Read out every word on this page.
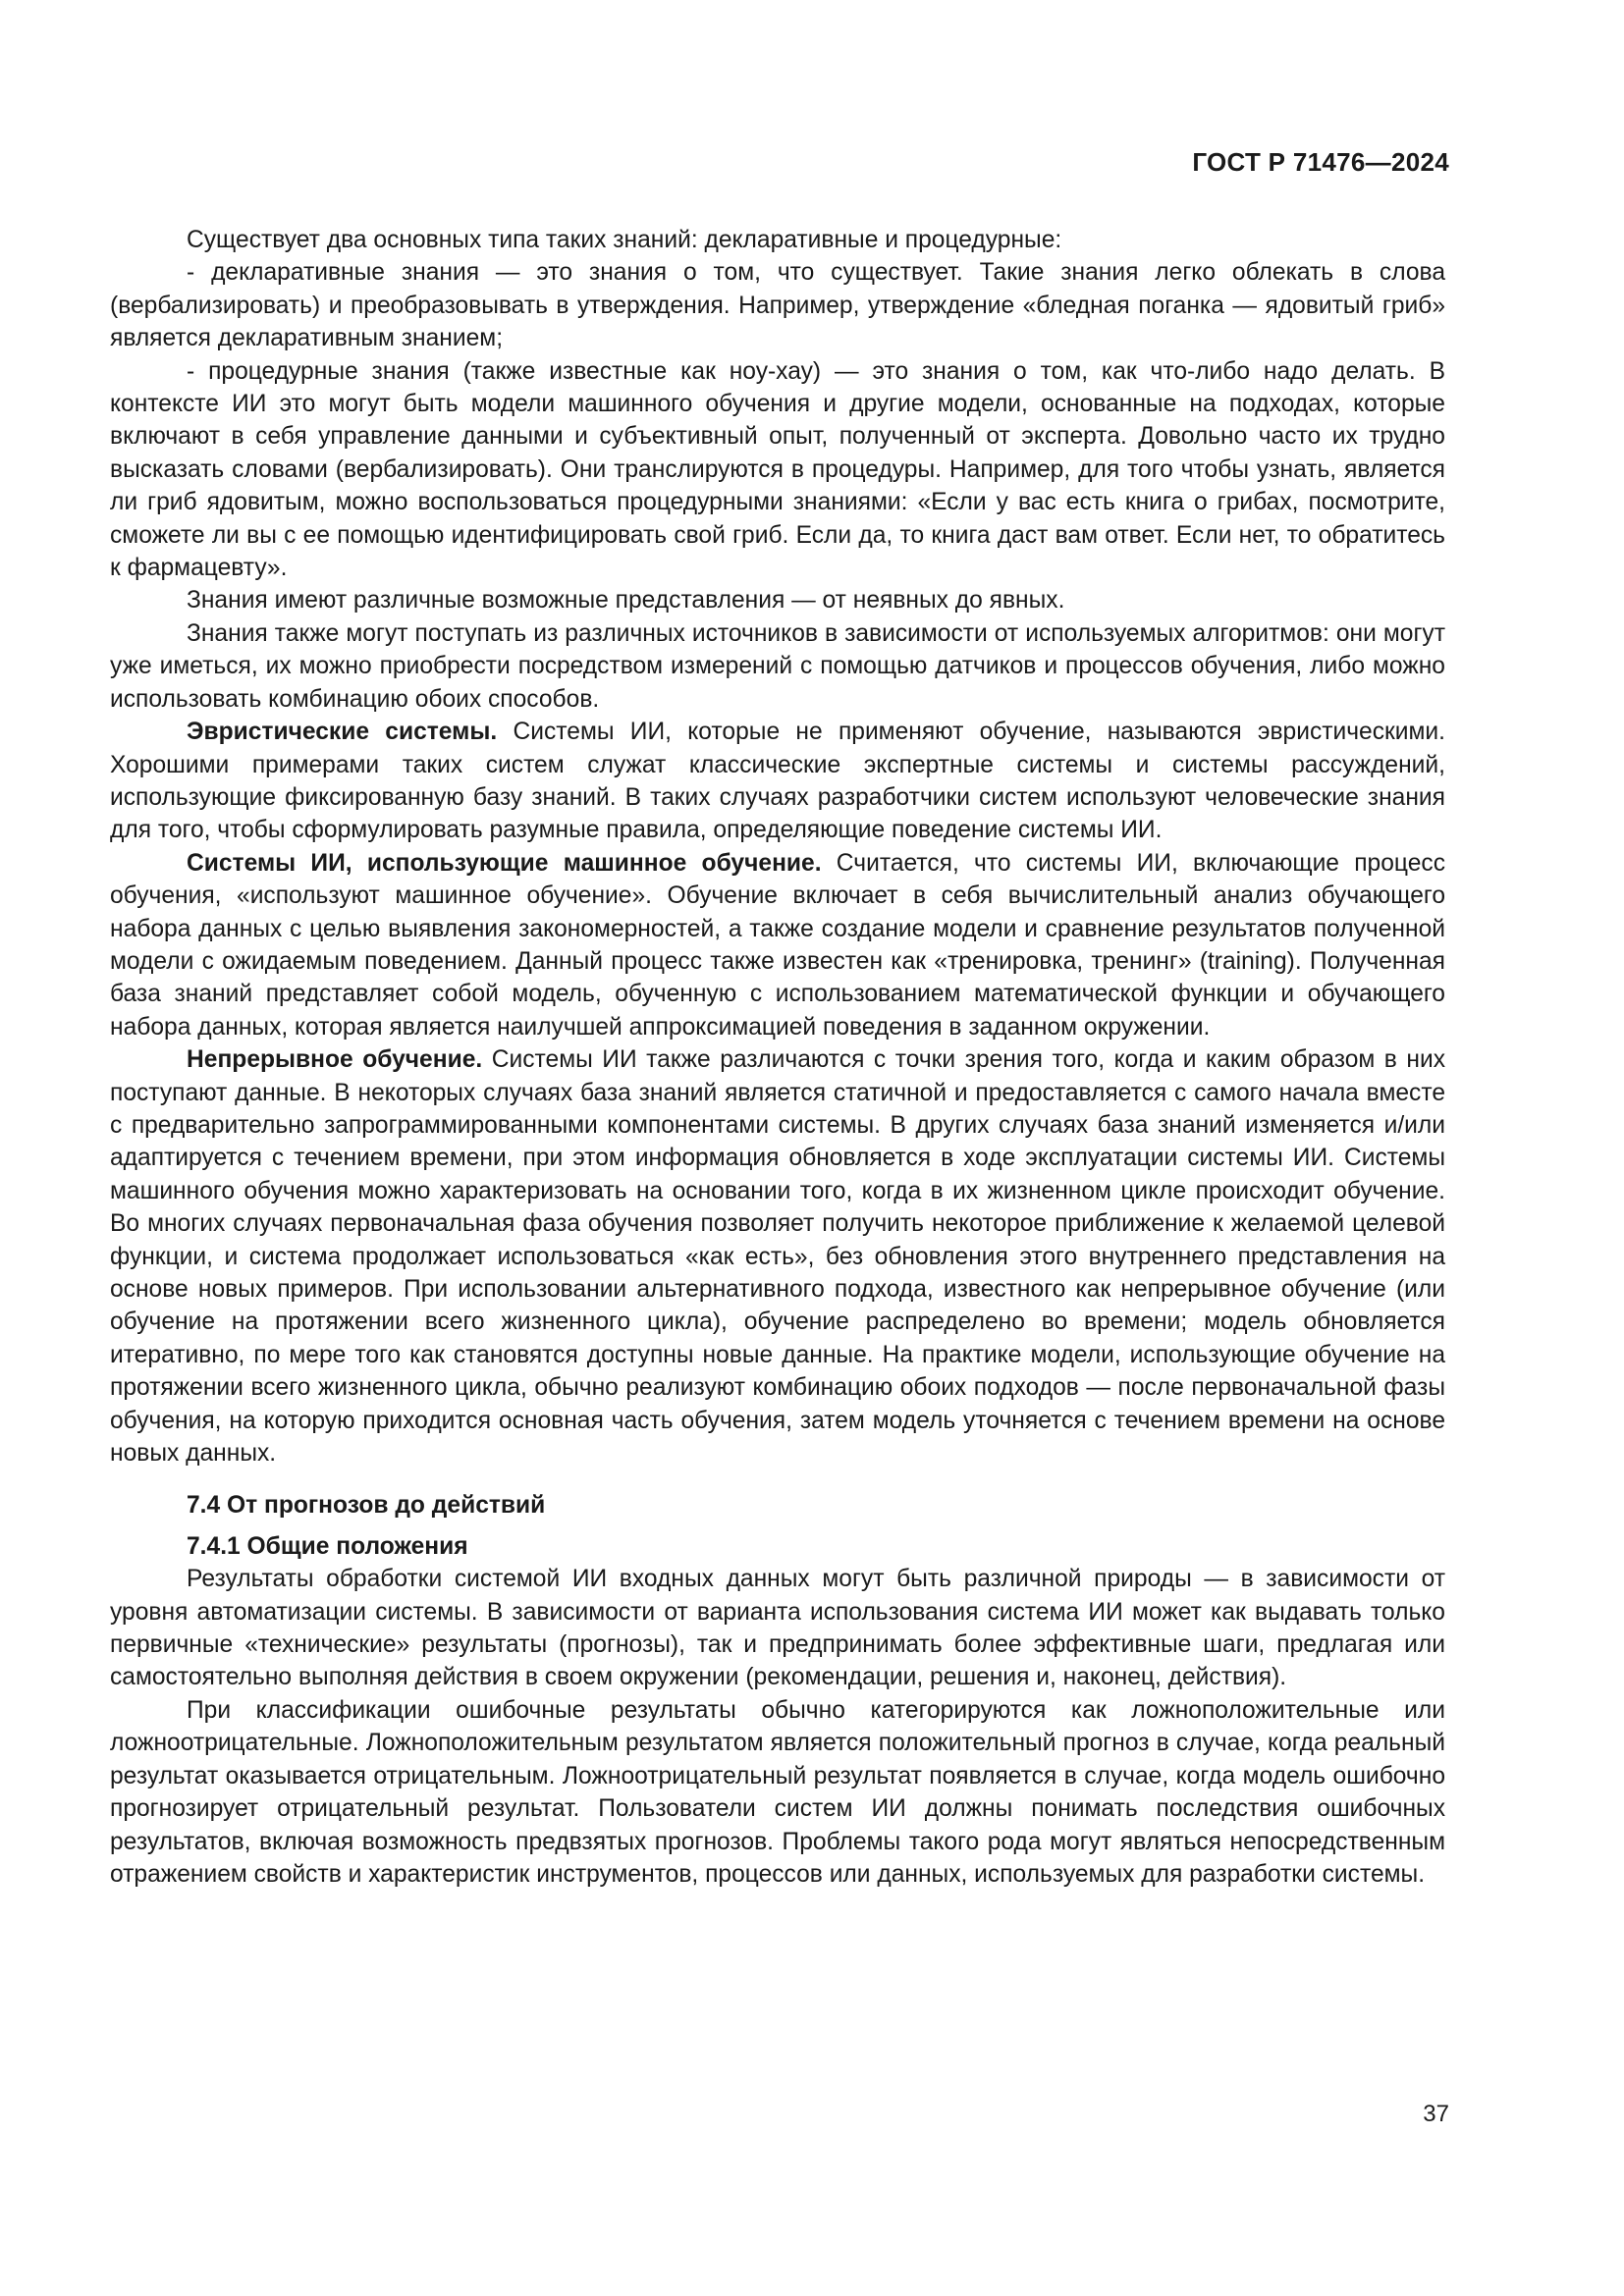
ГОСТ Р 71476—2024

Существует два основных типа таких знаний: декларативные и процедурные:

- декларативные знания — это знания о том, что существует. Такие знания легко облекать в слова (вербализировать) и преобразовывать в утверждения. Например, утверждение «бледная поганка — ядовитый гриб» является декларативным знанием;

- процедурные знания (также известные как ноу-хау) — это знания о том, как что-либо надо делать. В контексте ИИ это могут быть модели машинного обучения и другие модели, основанные на подходах, которые включают в себя управление данными и субъективный опыт, полученный от эксперта. Довольно часто их трудно высказать словами (вербализировать). Они транслируются в процедуры. Например, для того чтобы узнать, является ли гриб ядовитым, можно воспользоваться процедурными знаниями: «Если у вас есть книга о грибах, посмотрите, сможете ли вы с ее помощью идентифицировать свой гриб. Если да, то книга даст вам ответ. Если нет, то обратитесь к фармацевту».

Знания имеют различные возможные представления — от неявных до явных.

Знания также могут поступать из различных источников в зависимости от используемых алгоритмов: они могут уже иметься, их можно приобрести посредством измерений с помощью датчиков и процессов обучения, либо можно использовать комбинацию обоих способов.

Эвристические системы. Системы ИИ, которые не применяют обучение, называются эвристическими. Хорошими примерами таких систем служат классические экспертные системы и системы рассуждений, использующие фиксированную базу знаний. В таких случаях разработчики систем используют человеческие знания для того, чтобы сформулировать разумные правила, определяющие поведение системы ИИ.

Системы ИИ, использующие машинное обучение. Считается, что системы ИИ, включающие процесс обучения, «используют машинное обучение». Обучение включает в себя вычислительный анализ обучающего набора данных с целью выявления закономерностей, а также создание модели и сравнение результатов полученной модели с ожидаемым поведением. Данный процесс также известен как «тренировка, тренинг» (training). Полученная база знаний представляет собой модель, обученную с использованием математической функции и обучающего набора данных, которая является наилучшей аппроксимацией поведения в заданном окружении.

Непрерывное обучение. Системы ИИ также различаются с точки зрения того, когда и каким образом в них поступают данные. В некоторых случаях база знаний является статичной и предоставляется с самого начала вместе с предварительно запрограммированными компонентами системы. В других случаях база знаний изменяется и/или адаптируется с течением времени, при этом информация обновляется в ходе эксплуатации системы ИИ. Системы машинного обучения можно характеризовать на основании того, когда в их жизненном цикле происходит обучение. Во многих случаях первоначальная фаза обучения позволяет получить некоторое приближение к желаемой целевой функции, и система продолжает использоваться «как есть», без обновления этого внутреннего представления на основе новых примеров. При использовании альтернативного подхода, известного как непрерывное обучение (или обучение на протяжении всего жизненного цикла), обучение распределено во времени; модель обновляется итеративно, по мере того как становятся доступны новые данные. На практике модели, использующие обучение на протяжении всего жизненного цикла, обычно реализуют комбинацию обоих подходов — после первоначальной фазы обучения, на которую приходится основная часть обучения, затем модель уточняется с течением времени на основе новых данных.

7.4 От прогнозов до действий

7.4.1 Общие положения

Результаты обработки системой ИИ входных данных могут быть различной природы — в зависимости от уровня автоматизации системы. В зависимости от варианта использования система ИИ может как выдавать только первичные «технические» результаты (прогнозы), так и предпринимать более эффективные шаги, предлагая или самостоятельно выполняя действия в своем окружении (рекомендации, решения и, наконец, действия).

При классификации ошибочные результаты обычно категорируются как ложноположительные или ложноотрицательные. Ложноположительным результатом является положительный прогноз в случае, когда реальный результат оказывается отрицательным. Ложноотрицательный результат появляется в случае, когда модель ошибочно прогнозирует отрицательный результат. Пользователи систем ИИ должны понимать последствия ошибочных результатов, включая возможность предвзятых прогнозов. Проблемы такого рода могут являться непосредственным отражением свойств и характеристик инструментов, процессов или данных, используемых для разработки системы.

37
